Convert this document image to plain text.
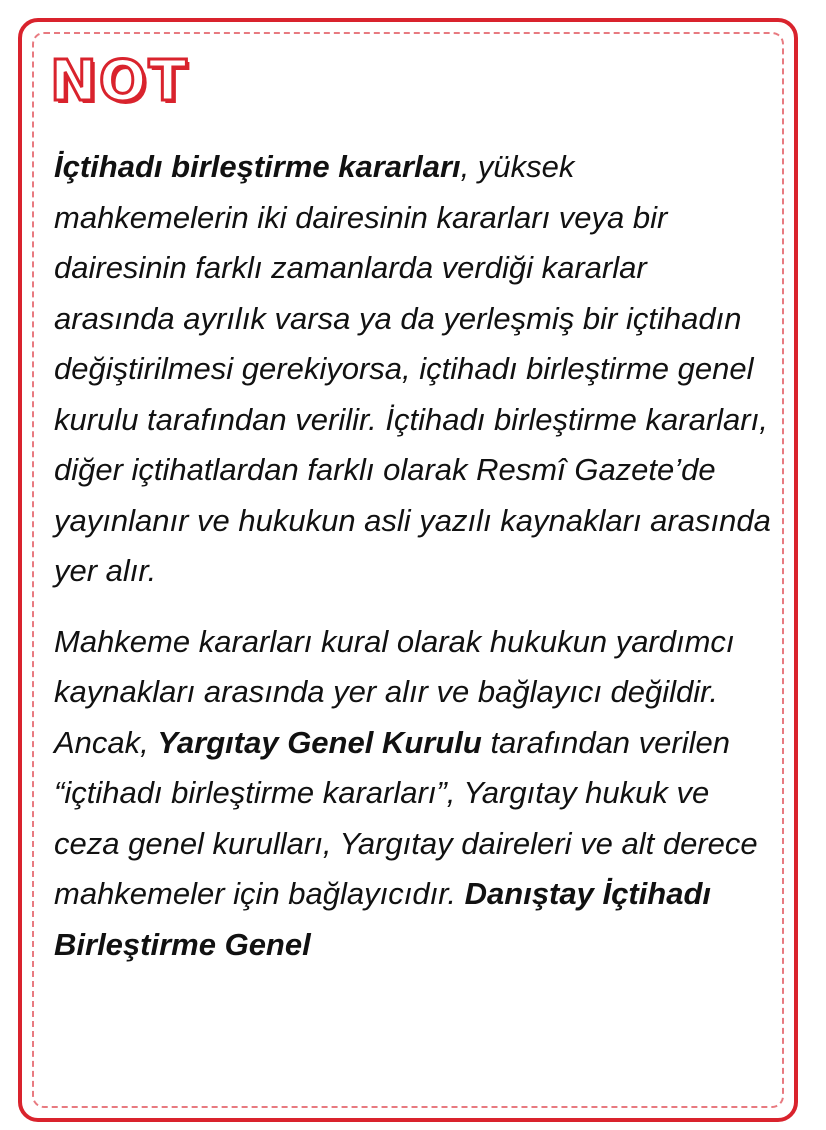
NOT

İçtihadı birleştirme kararları, yüksek mahkemelerin iki dairesinin kararları veya bir dairesinin farklı zamanlarda verdiği kararlar arasında ayrılık varsa ya da yerleşmiş bir içtihadın değiştirilmesi gerekiyorsa, içtihadı birleştirme genel kurulu tarafından verilir. İçtihadı birleştirme kararları, diğer içtihatlardan farklı olarak Resmî Gazete’de yayınlanır ve hukukun asli yazılı kaynakları arasında yer alır.

Mahkeme kararları kural olarak hukukun yardımcı kaynakları arasında yer alır ve bağlayıcı değildir. Ancak, Yargıtay Genel Kurulu tarafından verilen “içtihadı birleştirme kararları”, Yargıtay hukuk ve ceza genel kurulları, Yargıtay daireleri ve alt derece mahkemeler için bağlayıcıdır. Danıştay İçtihadı Birleştirme Genel
